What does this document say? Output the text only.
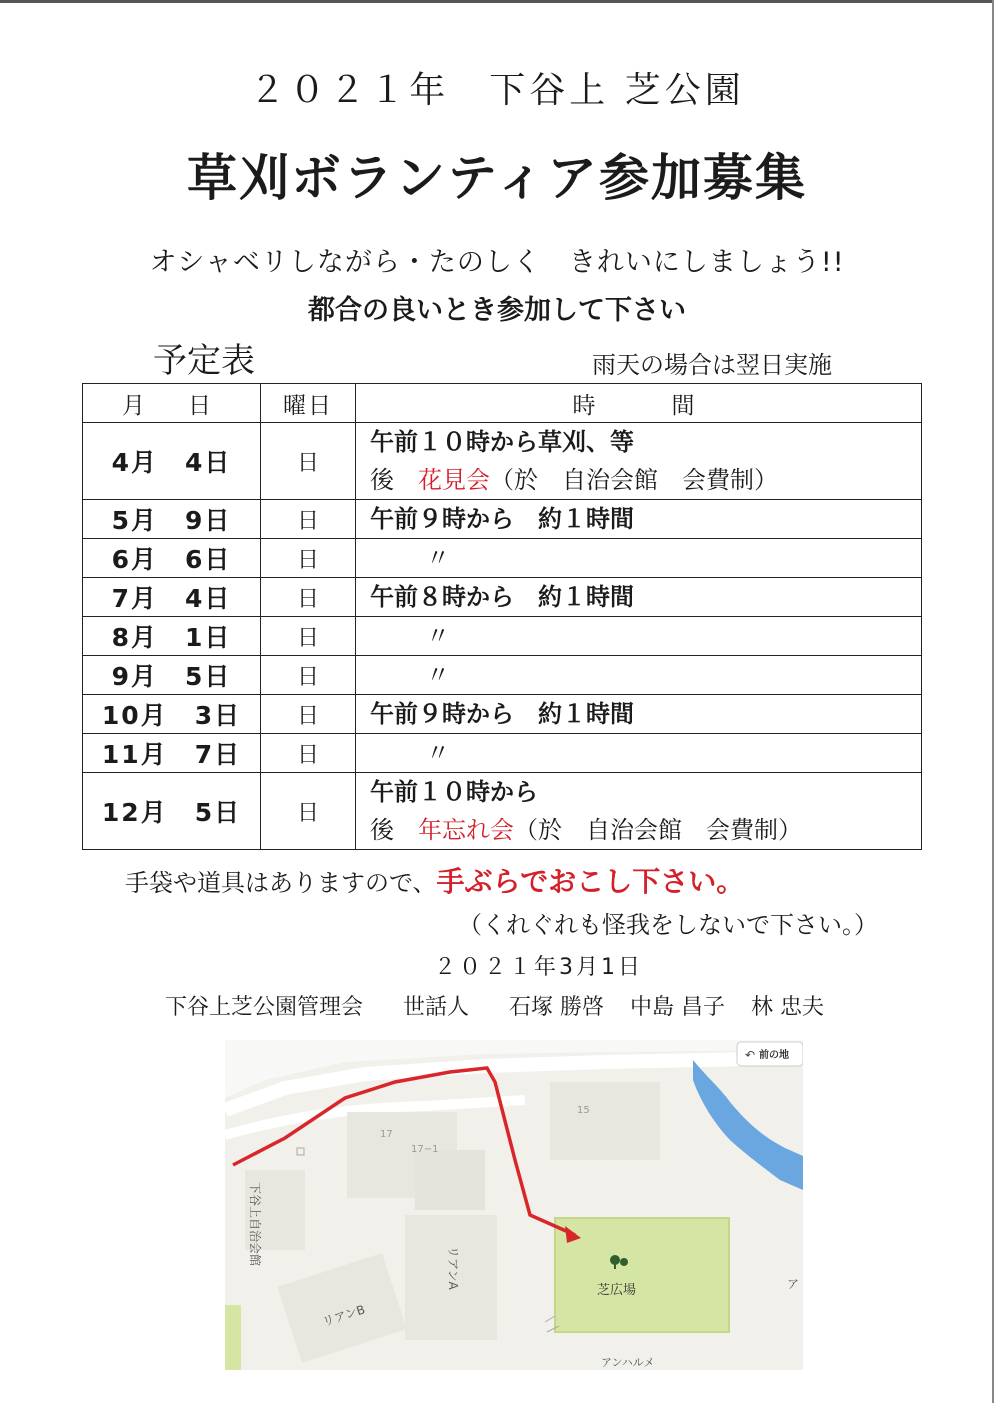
２０２１年　下谷上 芝公園
草刈ボランティア参加募集
オシャベリしながら・たのしく　きれいにしましょう!!
都合の良いとき参加して下さい
予定表	雨天の場合は翌日実施
月　日	曜日	時　　間
4月　4日	日	午前１０時から草刈、等
後　花見会（於　自治会館　会費制）

5月　9日	日	午前９時から　約１時間
6月　6日	日	〃
7月　4日	日	午前８時から　約１時間
8月　1日	日	〃
9月　5日	日	〃
10月　3日	日	午前９時から　約１時間
11月　7日	日	〃
12月　5日	日	午前１０時から
後　年忘れ会（於　自治会館　会費制）
手袋や道具はありますので、手ぶらでおこし下さい。
（くれぐれも怪我をしないで下さい。）
２０２１年3月1日
下谷上芝公園管理会 世話人 石塚 勝啓 中島 昌子 林 忠夫
↶ 前の地
15
17
17−1
下谷上自治会館
リアンA
リアンB
芝広場	ア
アンハルメ
